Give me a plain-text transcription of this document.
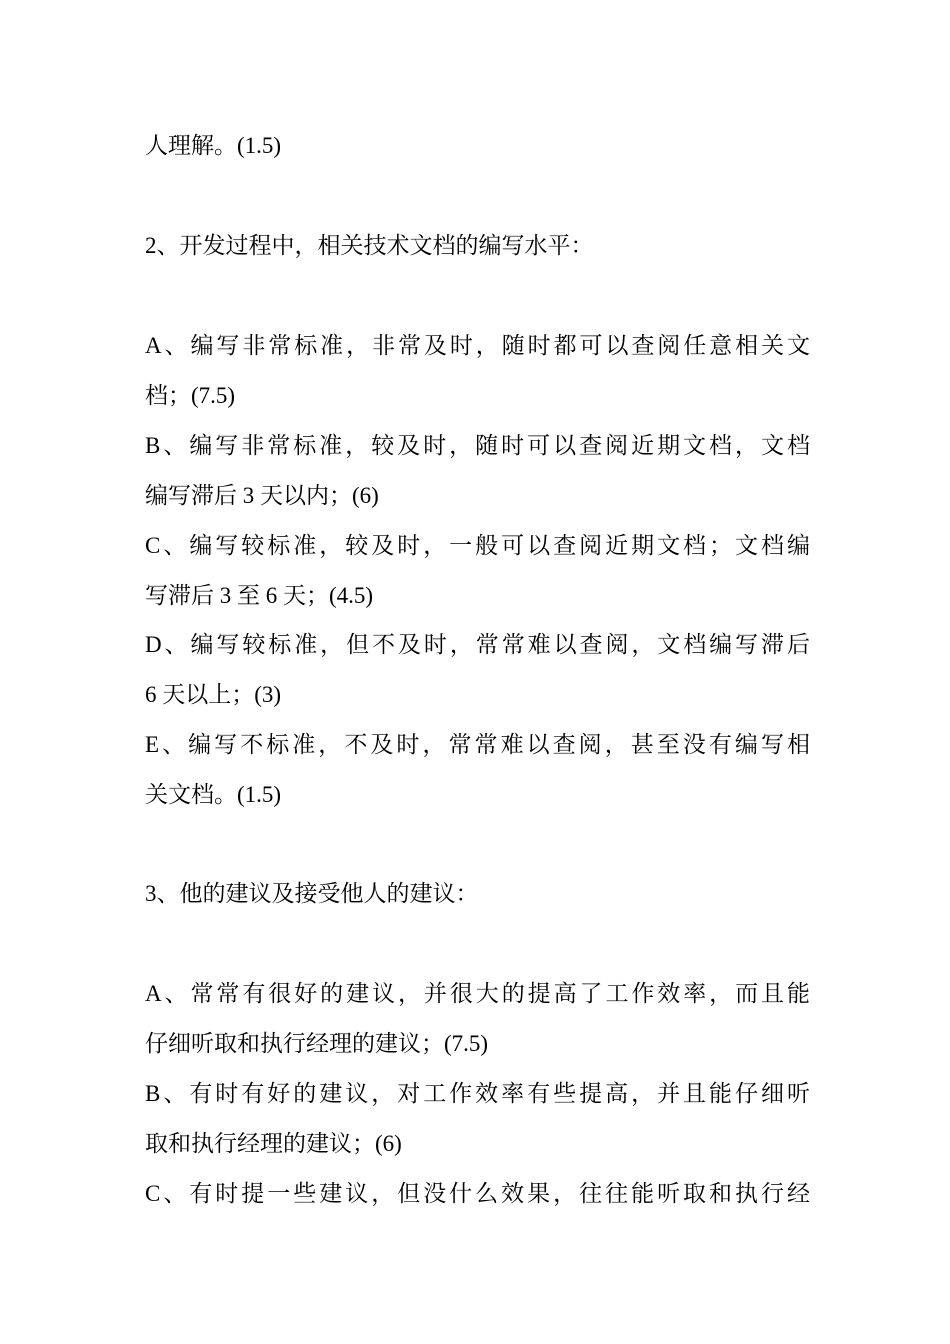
人理解。(1.5)
2、开发过程中，相关技术文档的编写水平：
A、编写非常标准，非常及时，随时都可以查阅任意相关文
档；(7.5)
B、编写非常标准，较及时，随时可以查阅近期文档，文档
编写滞后 3 天以内；(6)
C、编写较标准，较及时，一般可以查阅近期文档；文档编
写滞后 3 至 6 天；(4.5)
D、编写较标准，但不及时，常常难以查阅，文档编写滞后
6 天以上；(3)
E、编写不标准，不及时，常常难以查阅，甚至没有编写相
关文档。(1.5)
3、他的建议及接受他人的建议：
A、常常有很好的建议，并很大的提高了工作效率，而且能
仔细听取和执行经理的建议；(7.5)
B、有时有好的建议，对工作效率有些提高，并且能仔细听
取和执行经理的建议；(6)
C、有时提一些建议，但没什么效果，往往能听取和执行经
